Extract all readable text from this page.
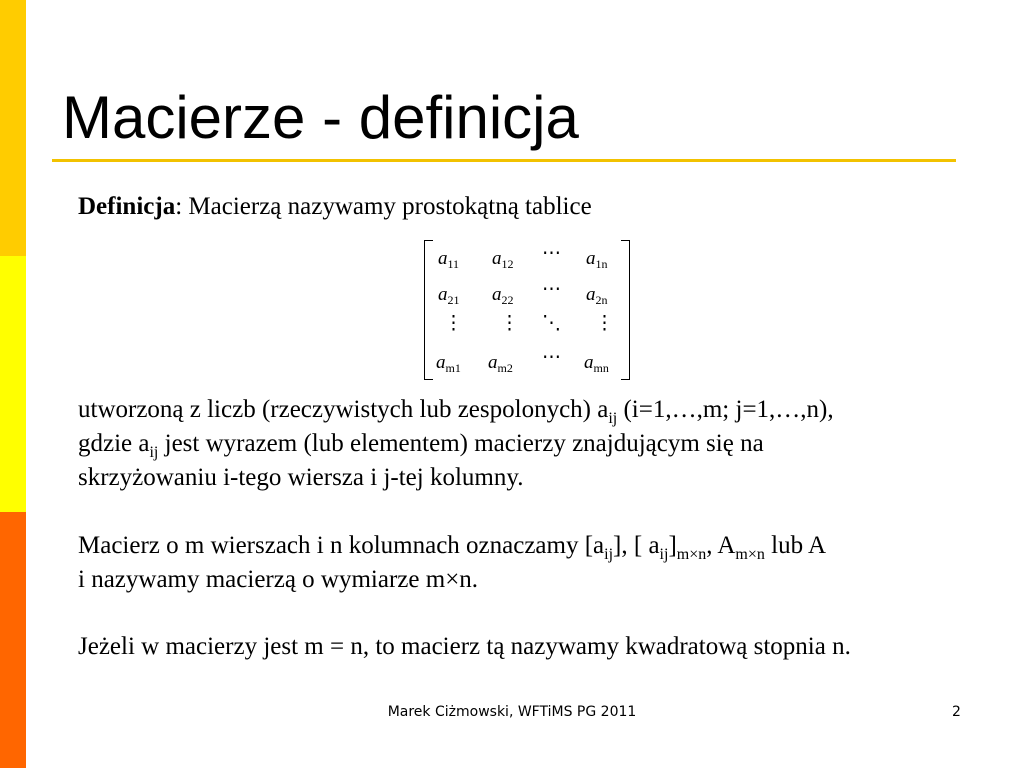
Macierze - definicja
Definicja: Macierzą nazywamy prostokątną tablice
$a_{11}$ $a_{12}$ ⋯ $a_{1n}$
$a_{21}$ $a_{22}$ ⋯ $a_{2n}$
⋮ ⋮ ⋱ ⋮
$a_{m1}$ $a_{m2}$ ⋯ $a_{mn}$
utworzoną z liczb (rzeczywistych lub zespolonych) $a_{ij}$ (i=1,…,m; j=1,…,n),
gdzie $a_{ij}$ jest wyrazem (lub elementem) macierzy znajdującym się na
skrzyżowaniu i-tego wiersza i j-tej kolumny.
Macierz o m wierszach i n kolumnach oznaczamy $[a_{ij}]$, [ $a_{ij}]_{m\times n}$, $A_{m\times n}$ lub A
i nazywamy macierzą o wymiarze m×n.
Jeżeli w macierzy jest m = n, to macierz tą nazywamy kwadratową stopnia n.
Marek Ciżmowski, WFTiMS PG 2011	2
